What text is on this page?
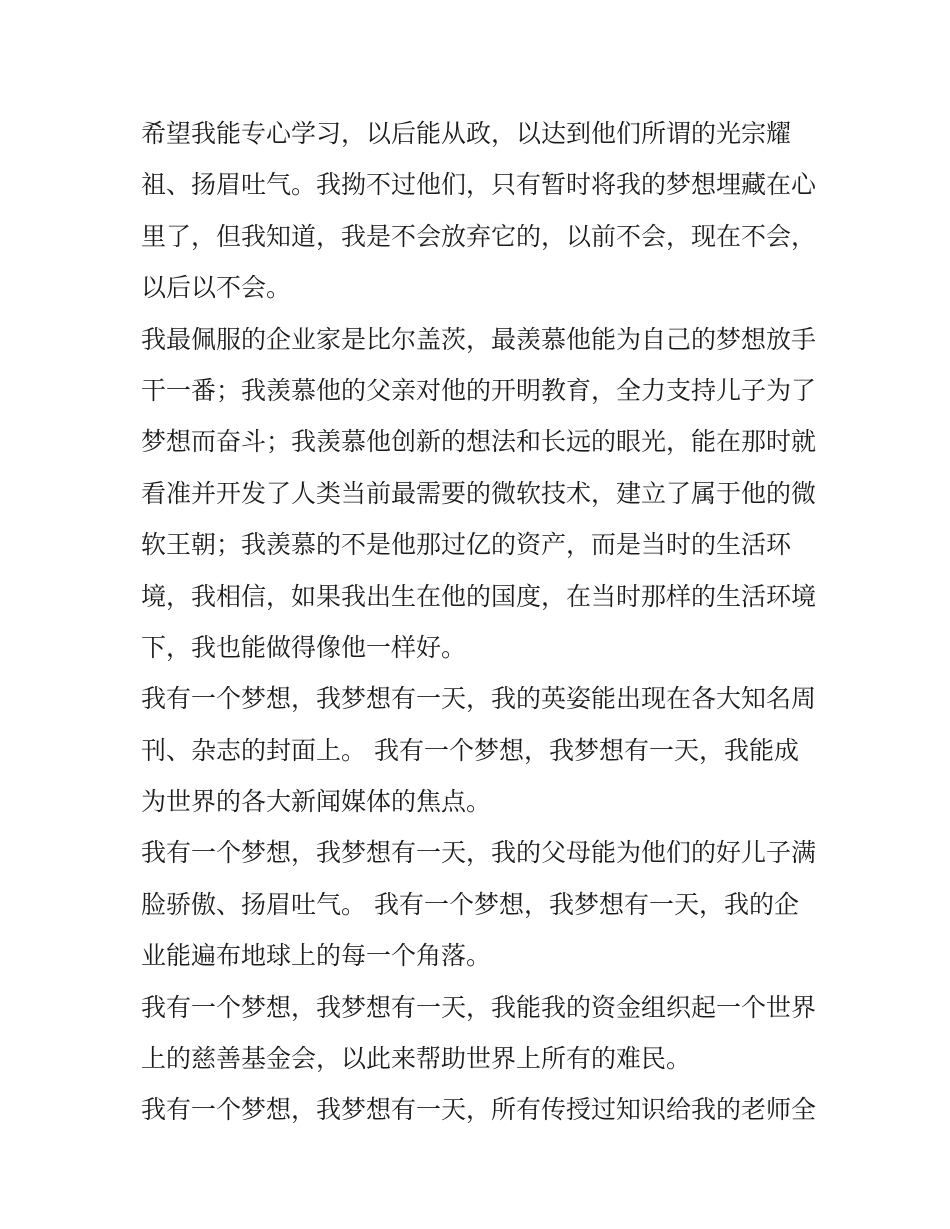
希望我能专心学习，以后能从政，以达到他们所谓的光宗耀
祖、扬眉吐气。我拗不过他们，只有暂时将我的梦想埋藏在心
里了，但我知道，我是不会放弃它的，以前不会，现在不会，
以后以不会。
我最佩服的企业家是比尔盖茨，最羡慕他能为自己的梦想放手
干一番；我羡慕他的父亲对他的开明教育，全力支持儿子为了
梦想而奋斗；我羡慕他创新的想法和长远的眼光，能在那时就
看准并开发了人类当前最需要的微软技术，建立了属于他的微
软王朝；我羡慕的不是他那过亿的资产，而是当时的生活环
境，我相信，如果我出生在他的国度，在当时那样的生活环境
下，我也能做得像他一样好。
我有一个梦想，我梦想有一天，我的英姿能出现在各大知名周
刊、杂志的封面上。 我有一个梦想，我梦想有一天，我能成
为世界的各大新闻媒体的焦点。
我有一个梦想，我梦想有一天，我的父母能为他们的好儿子满
脸骄傲、扬眉吐气。 我有一个梦想，我梦想有一天，我的企
业能遍布地球上的每一个角落。
我有一个梦想，我梦想有一天，我能我的资金组织起一个世界
上的慈善基金会，以此来帮助世界上所有的难民。
我有一个梦想，我梦想有一天，所有传授过知识给我的老师全
